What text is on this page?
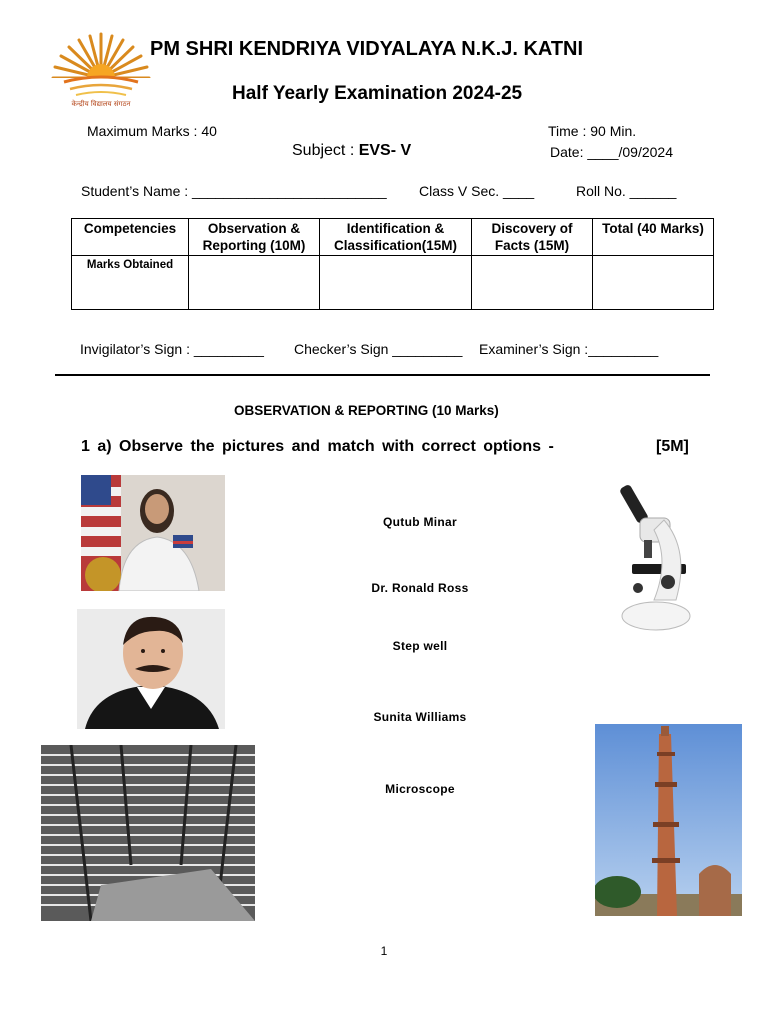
केन्द्रीय विद्यालय संगठन
PM SHRI KENDRIYA VIDYALAYA N.K.J. KATNI
Half Yearly Examination 2024-25
Maximum Marks : 40	Time : 90 Min.
Subject : EVS- V	Date: ____/09/2024
Student’s Name : _________________________ Class V Sec. ____	Roll No. ______
Competencies	Observation & Reporting (10M)	Identification & Classification(15M)	Discovery of Facts (15M)	Total (40 Marks)
Marks Obtained				
Invigilator’s Sign : _________ Checker’s Sign _________ Examiner’s Sign :_________
OBSERVATION & REPORTING (10 Marks)
1 a) Observe the pictures and match with correct options -	[5M]
Qutub Minar
Dr. Ronald Ross
Step well
Sunita Williams
Microscope
1
